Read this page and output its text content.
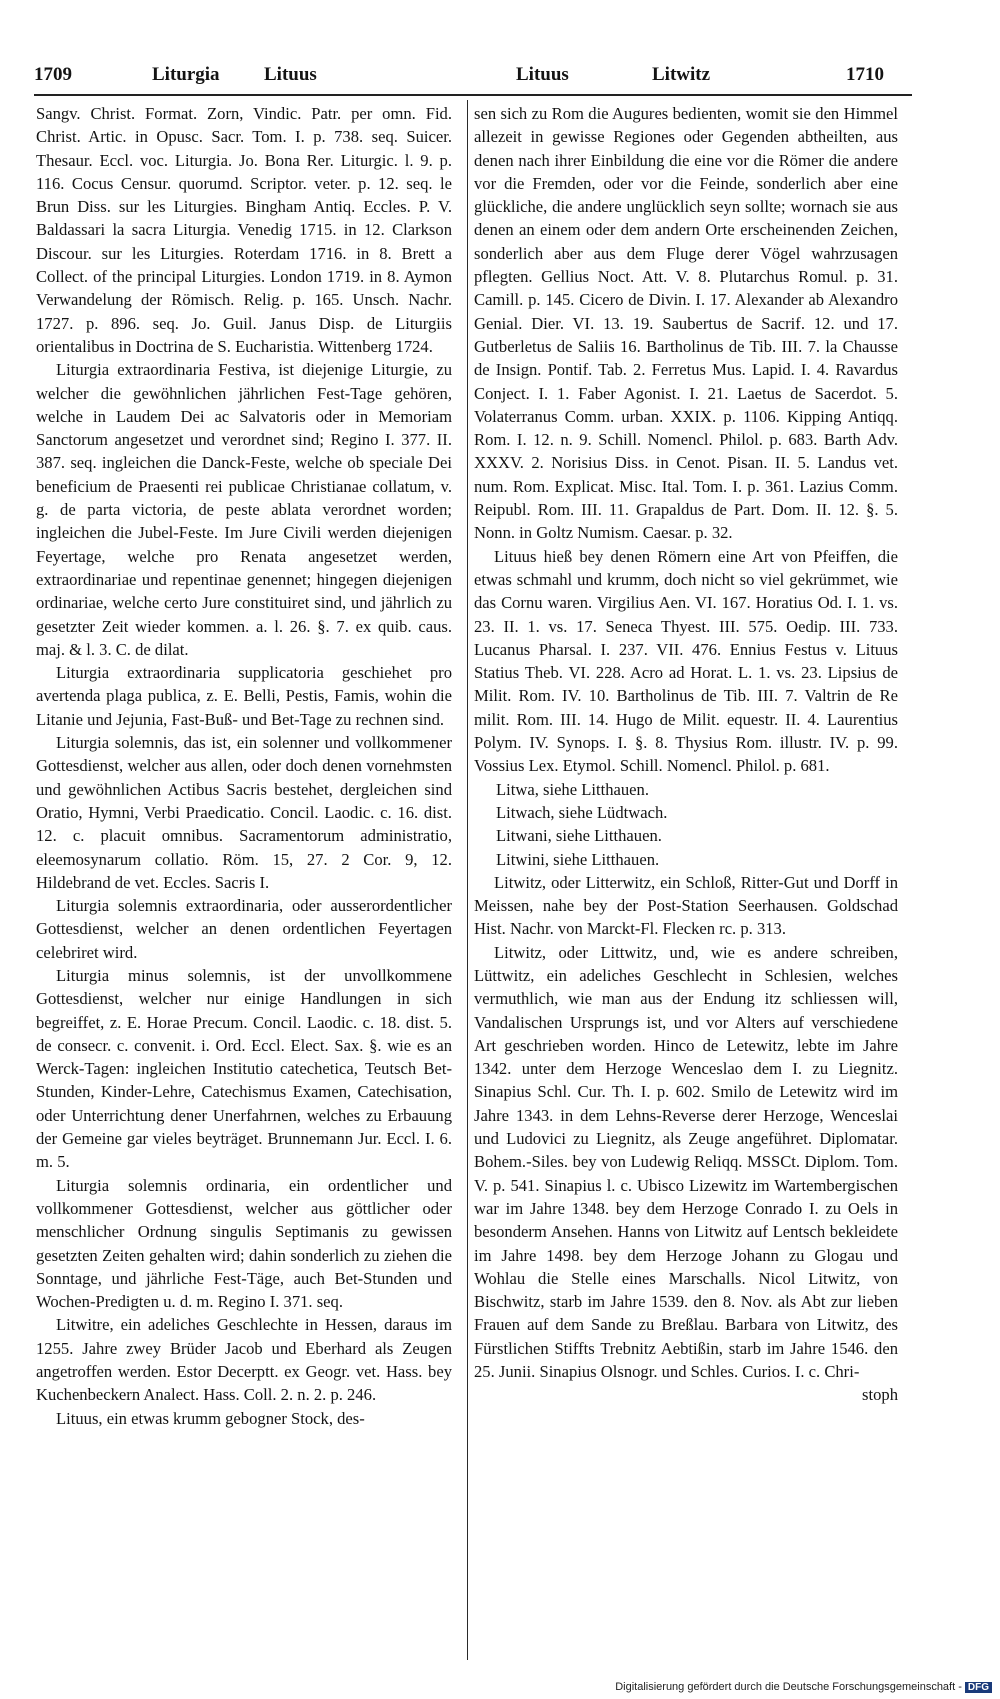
1709	Liturgia Lituus	Lituus	Litwitz	1710

Sangv. Christ. Format. Zorn, Vindic. Patr. per omn. Fid. Christ. Artic. in Opusc. Sacr. Tom. I. p. 738. seq. Suicer. Thesaur. Eccl. voc. Liturgia. Jo. Bona Rer. Liturgic. l. 9. p. 116. Cocus Censur. quorumd. Scriptor. veter. p. 12. seq. le Brun Diss. sur les Liturgies. Bingham Antiq. Eccles. P. V. Baldassari la sacra Liturgia. Venedig 1715. in 12. Clarkson Discour. sur les Liturgies. Roterdam 1716. in 8. Brett a Collect. of the principal Liturgies. London 1719. in 8. Aymon Verwandelung der Römisch. Relig. p. 165. Unsch. Nachr. 1727. p. 896. seq. Jo. Guil. Janus Disp. de Liturgiis orientalibus in Doctrina de S. Eucharistia. Wittenberg 1724.

Liturgia extraordinaria Festiva, ist diejenige Liturgie, zu welcher die gewöhnlichen jährlichen Fest-Tage gehören, welche in Laudem Dei ac Salvatoris oder in Memoriam Sanctorum angesetzet und verordnet sind; Regino I. 377. II. 387. seq. ingleichen die Danck-Feste, welche ob speciale Dei beneficium de Praesenti rei publicae Christianae collatum, v. g. de parta victoria, de peste ablata verordnet worden; ingleichen die Jubel-Feste. Im Jure Civili werden diejenigen Feyertage, welche pro Renata angesetzet werden, extraordinariae und repentinae genennet; hingegen diejenigen ordinariae, welche certo Jure constituiret sind, und jährlich zu gesetzter Zeit wieder kommen. a. l. 26. §. 7. ex quib. caus. maj. & l. 3. C. de dilat.

Liturgia extraordinaria supplicatoria geschiehet pro avertenda plaga publica, z. E. Belli, Pestis, Famis, wohin die Litanie und Jejunia, Fast-Buß- und Bet-Tage zu rechnen sind.

Liturgia solemnis, das ist, ein solenner und vollkommener Gottesdienst, welcher aus allen, oder doch denen vornehmsten und gewöhnlichen Actibus Sacris bestehet, dergleichen sind Oratio, Hymni, Verbi Praedicatio. Concil. Laodic. c. 16. dist. 12. c. placuit omnibus. Sacramentorum administratio, eleemosynarum collatio. Röm. 15, 27. 2 Cor. 9, 12. Hildebrand de vet. Eccles. Sacris I.

Liturgia solemnis extraordinaria, oder ausserordentlicher Gottesdienst, welcher an denen ordentlichen Feyertagen celebriret wird.

Liturgia minus solemnis, ist der unvollkommene Gottesdienst, welcher nur einige Handlungen in sich begreiffet, z. E. Horae Precum. Concil. Laodic. c. 18. dist. 5. de consecr. c. convenit. i. Ord. Eccl. Elect. Sax. §. wie es an Werck-Tagen: ingleichen Institutio catechetica, Teutsch Bet-Stunden, Kinder-Lehre, Catechismus Examen, Catechisation, oder Unterrichtung dener Unerfahrnen, welches zu Erbauung der Gemeine gar vieles beyträget. Brunnemann Jur. Eccl. I. 6. m. 5.

Liturgia solemnis ordinaria, ein ordentlicher und vollkommener Gottesdienst, welcher aus göttlicher oder menschlicher Ordnung singulis Septimanis zu gewissen gesetzten Zeiten gehalten wird; dahin sonderlich zu ziehen die Sonntage, und jährliche Fest-Täge, auch Bet-Stunden und Wochen-Predigten u. d. m. Regino I. 371. seq.

Litwitre, ein adeliches Geschlechte in Hessen, daraus im 1255. Jahre zwey Brüder Jacob und Eberhard als Zeugen angetroffen werden. Estor Decerptt. ex Geogr. vet. Hass. bey Kuchenbeckern Analect. Hass. Coll. 2. n. 2. p. 246.

Lituus, ein etwas krumm gebogner Stock, des-

sen sich zu Rom die Augures bedienten, womit sie den Himmel allezeit in gewisse Regiones oder Gegenden abtheilten, aus denen nach ihrer Einbildung die eine vor die Römer die andere vor die Fremden, oder vor die Feinde, sonderlich aber eine glückliche, die andere unglücklich seyn sollte; wornach sie aus denen an einem oder dem andern Orte erscheinenden Zeichen, sonderlich aber aus dem Fluge derer Vögel wahrzusagen pflegten. Gellius Noct. Att. V. 8. Plutarchus Romul. p. 31. Camill. p. 145. Cicero de Divin. I. 17. Alexander ab Alexandro Genial. Dier. VI. 13. 19. Saubertus de Sacrif. 12. und 17. Gutberletus de Saliis 16. Bartholinus de Tib. III. 7. la Chausse de Insign. Pontif. Tab. 2. Ferretus Mus. Lapid. I. 4. Ravardus Conject. I. 1. Faber Agonist. I. 21. Laetus de Sacerdot. 5. Volaterranus Comm. urban. XXIX. p. 1106. Kipping Antiqq. Rom. I. 12. n. 9. Schill. Nomencl. Philol. p. 683. Barth Adv. XXXV. 2. Norisius Diss. in Cenot. Pisan. II. 5. Landus vet. num. Rom. Explicat. Misc. Ital. Tom. I. p. 361. Lazius Comm. Reipubl. Rom. III. 11. Grapaldus de Part. Dom. II. 12. §. 5. Nonn. in Goltz Numism. Caesar. p. 32.

Lituus hieß bey denen Römern eine Art von Pfeiffen, die etwas schmahl und krumm, doch nicht so viel gekrümmet, wie das Cornu waren. Virgilius Aen. VI. 167. Horatius Od. I. 1. vs. 23. II. 1. vs. 17. Seneca Thyest. III. 575. Oedip. III. 733. Lucanus Pharsal. I. 237. VII. 476. Ennius Festus v. Lituus Statius Theb. VI. 228. Acro ad Horat. L. 1. vs. 23. Lipsius de Milit. Rom. IV. 10. Bartholinus de Tib. III. 7. Valtrin de Re milit. Rom. III. 14. Hugo de Milit. equestr. II. 4. Laurentius Polym. IV. Synops. I. §. 8. Thysius Rom. illustr. IV. p. 99. Vossius Lex. Etymol. Schill. Nomencl. Philol. p. 681.

Litwa, siehe Litthauen.

Litwach, siehe Lüdtwach.

Litwani, siehe Litthauen.

Litwini, siehe Litthauen.

Litwitz, oder Litterwitz, ein Schloß, Ritter-Gut und Dorff in Meissen, nahe bey der Post-Station Seerhausen. Goldschad Hist. Nachr. von Marckt-Fl. Flecken rc. p. 313.

Litwitz, oder Littwitz, und, wie es andere schreiben, Lüttwitz, ein adeliches Geschlecht in Schlesien, welches vermuthlich, wie man aus der Endung itz schliessen will, Vandalischen Ursprungs ist, und vor Alters auf verschiedene Art geschrieben worden. Hinco de Letewitz, lebte im Jahre 1342. unter dem Herzoge Wenceslao dem I. zu Liegnitz. Sinapius Schl. Cur. Th. I. p. 602. Smilo de Letewitz wird im Jahre 1343. in dem Lehns-Reverse derer Herzoge, Wenceslai und Ludovici zu Liegnitz, als Zeuge angeführet. Diplomatar. Bohem.-Siles. bey von Ludewig Reliqq. MSSCt. Diplom. Tom. V. p. 541. Sinapius l. c. Ubisco Lizewitz im Wartembergischen war im Jahre 1348. bey dem Herzoge Conrado I. zu Oels in besonderm Ansehen. Hanns von Litwitz auf Lentsch bekleidete im Jahre 1498. bey dem Herzoge Johann zu Glogau und Wohlau die Stelle eines Marschalls. Nicol Litwitz, von Bischwitz, starb im Jahre 1539. den 8. Nov. als Abt zur lieben Frauen auf dem Sande zu Breßlau. Barbara von Litwitz, des Fürstlichen Stiffts Trebnitz Aebtißin, starb im Jahre 1546. den 25. Junii. Sinapius Olsnogr. und Schles. Curios. I. c. Chri-

stoph

Digitalisierung gefördert durch die Deutsche Forschungsgemeinschaft - DFG
